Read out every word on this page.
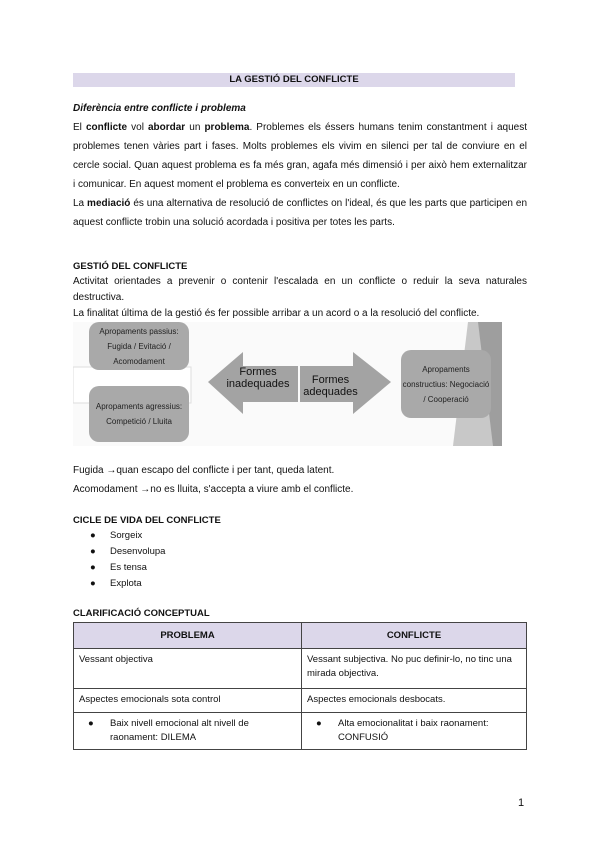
LA GESTIÓ DEL CONFLICTE
Diferència entre conflicte i problema
El conflicte vol abordar un problema. Problemes els éssers humans tenim constantment i aquest problemes tenen vàries part i fases. Molts problemes els vivim en silenci per tal de conviure en el cercle social. Quan aquest problema es fa més gran, agafa més dimensió i per això hem externalitzar i comunicar. En aquest moment el problema es converteix en un conflicte.
La mediació és una alternativa de resolució de conflictes on l'ideal, és que les parts que participen en aquest conflicte trobin una solució acordada i positiva per totes les parts.
GESTIÓ DEL CONFLICTE
Activitat orientades a prevenir o contenir l'escalada en un conflicte o reduir la seva naturales destructiva.
La finalitat última de la gestió és fer possible arribar a un acord o a la resolució del conflicte.
Apropaments passius: Fugida / Evitació / Acomodament
Apropaments agressius: Competició / Lluita
Formes inadequades	Formes adequades
Apropaments constructius: Negociació / Cooperació
Fugida →quan escapo del conflicte i per tant, queda latent.
Acomodament →no es lluita, s'accepta a viure amb el conflicte.
CICLE DE VIDA DEL CONFLICTE
● Sorgeix
● Desenvolupa
● Es tensa
● Explota
CLARIFICACIÓ CONCEPTUAL
PROBLEMA	CONFLICTE
Vessant objectiva	Vessant subjectiva. No puc definir-lo, no tinc una mirada objectiva.
Aspectes emocionals sota control	Aspectes emocionals desbocats.

● Baix nivell emocional alt nivell de raonament: DILEMA	● Alta emocionalitat i baix raonament: CONFUSIÓ
1
